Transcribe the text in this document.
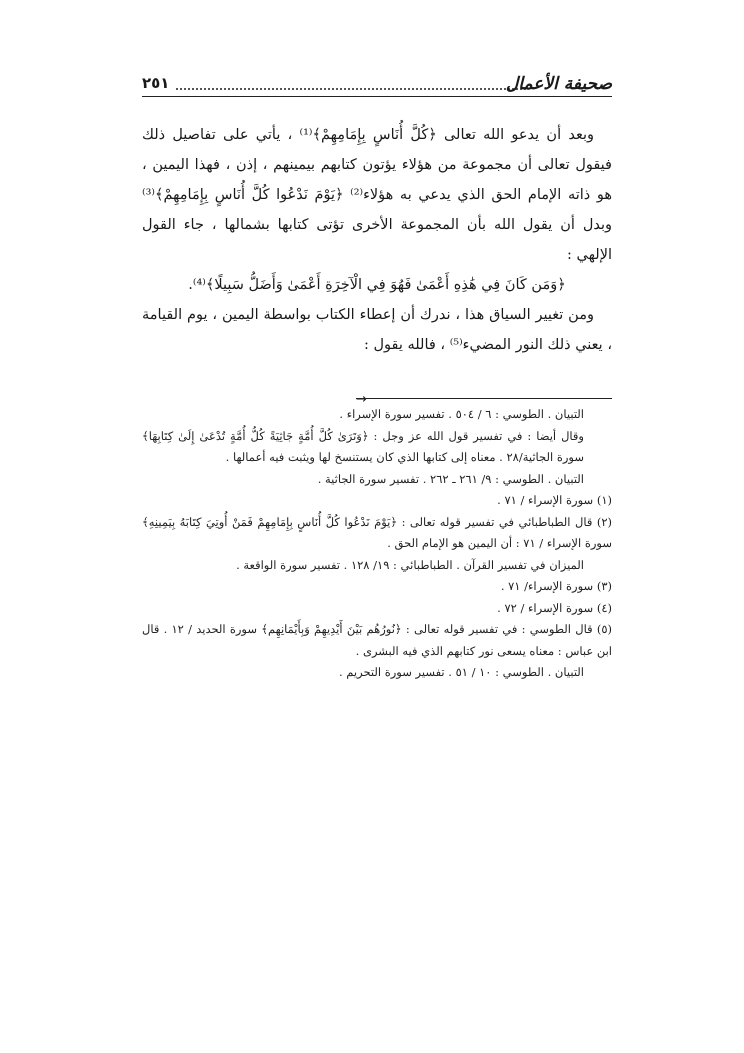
٢٥١	صحيفة الأعمال

وبعد أن يدعو الله تعالى ﴿كُلَّ أُنَاسٍ بِإِمَامِهِمْ﴾⁽¹⁾ ، يأتي على تفاصيل ذلك فيقول تعالى أن مجموعة من هؤلاء يؤتون كتابهم بيمينهم ، إذن ، فهذا اليمين ، هو ذاته الإمام الحق الذي يدعي به هؤلاء⁽²⁾ ﴿يَوْمَ نَدْعُوا كُلَّ أُنَاسٍ بِإِمَامِهِمْ﴾⁽³⁾ وبدل أن يقول الله بأن المجموعة الأخرى تؤتى كتابها بشمالها ، جاء القول الإلهي :

﴿وَمَن كَانَ فِي هَٰذِهِ أَعْمَىٰ فَهُوَ فِي الْآخِرَةِ أَعْمَىٰ وَأَضَلُّ سَبِيلًا﴾⁽⁴⁾.

ومن تغيير السياق هذا ، ندرك أن إعطاء الكتاب بواسطة اليمين ، يوم القيامة ، يعني ذلك النور المضيء⁽⁵⁾ ، فالله يقول :

→

التبيان . الطوسي : ٦ / ٥٠٤ . تفسير سورة الإسراء .

وقال أيضا : في تفسير قول الله عز وجل : ﴿وَتَرَىٰ كُلَّ أُمَّةٍ جَاثِيَةً كُلُّ أُمَّةٍ تُدْعَىٰ إِلَىٰ كِتَابِهَا﴾ سورة الجاثية/٢٨ . معناه إلى كتابها الذي كان يستنسخ لها ويثبت فيه أعمالها .

التبيان . الطوسي : ٩/ ٢٦١ ـ ٢٦٢ . تفسير سورة الجاثية .

(١) سورة الإسراء / ٧١ .

(٢) قال الطباطبائي في تفسير قوله تعالى : ﴿يَوْمَ نَدْعُوا كُلَّ أُنَاسٍ بِإِمَامِهِمْ فَمَنْ أُوتِيَ كِتَابَهُ بِيَمِينِهِ﴾ سورة الإسراء / ٧١ : أن اليمين هو الإمام الحق .

الميزان في تفسير القرآن . الطباطبائي : ١٩/ ١٢٨ . تفسير سورة الواقعة .

(٣) سورة الإسراء/ ٧١ .

(٤) سورة الإسراء / ٧٢ .

(٥) قال الطوسي : في تفسير قوله تعالى : ﴿نُورُهُم بَيْنَ أَيْدِيهِمْ وَبِأَيْمَانِهِم﴾ سورة الحديد / ١٢ . قال ابن عباس : معناه يسعى نور كتابهم الذي فيه البشرى .

التبيان . الطوسي : ١٠ / ٥١ . تفسير سورة التحريم .
